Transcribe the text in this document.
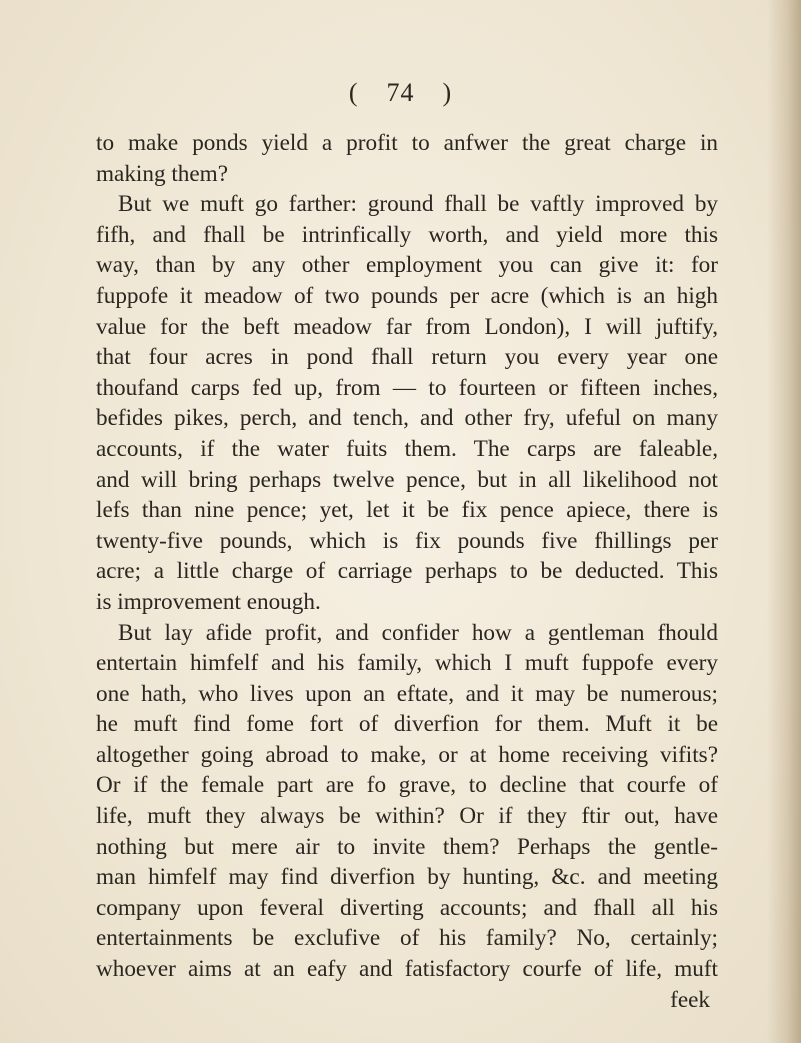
( 74 )
to make ponds yield a profit to anfwer the great charge in
making them?
But we muft go farther: ground fhall be vaftly improved by
fifh, and fhall be intrinfically worth, and yield more this
way, than by any other employment you can give it: for
fuppofe it meadow of two pounds per acre (which is an high
value for the beft meadow far from London), I will juftify,
that four acres in pond fhall return you every year one
thoufand carps fed up, from — to fourteen or fifteen inches,
befides pikes, perch, and tench, and other fry, ufeful on many
accounts, if the water fuits them. The carps are faleable,
and will bring perhaps twelve pence, but in all likelihood not
lefs than nine pence; yet, let it be fix pence apiece, there is
twenty-five pounds, which is fix pounds five fhillings per
acre; a little charge of carriage perhaps to be deducted. This
is improvement enough.
But lay afide profit, and confider how a gentleman fhould
entertain himfelf and his family, which I muft fuppofe every
one hath, who lives upon an eftate, and it may be numerous;
he muft find fome fort of diverfion for them. Muft it be
altogether going abroad to make, or at home receiving vifits?
Or if the female part are fo grave, to decline that courfe of
life, muft they always be within? Or if they ftir out, have
nothing but mere air to invite them? Perhaps the gentle-
man himfelf may find diverfion by hunting, &c. and meeting
company upon feveral diverting accounts; and fhall all his
entertainments be exclufive of his family? No, certainly;
whoever aims at an eafy and fatisfactory courfe of life, muft
feek
